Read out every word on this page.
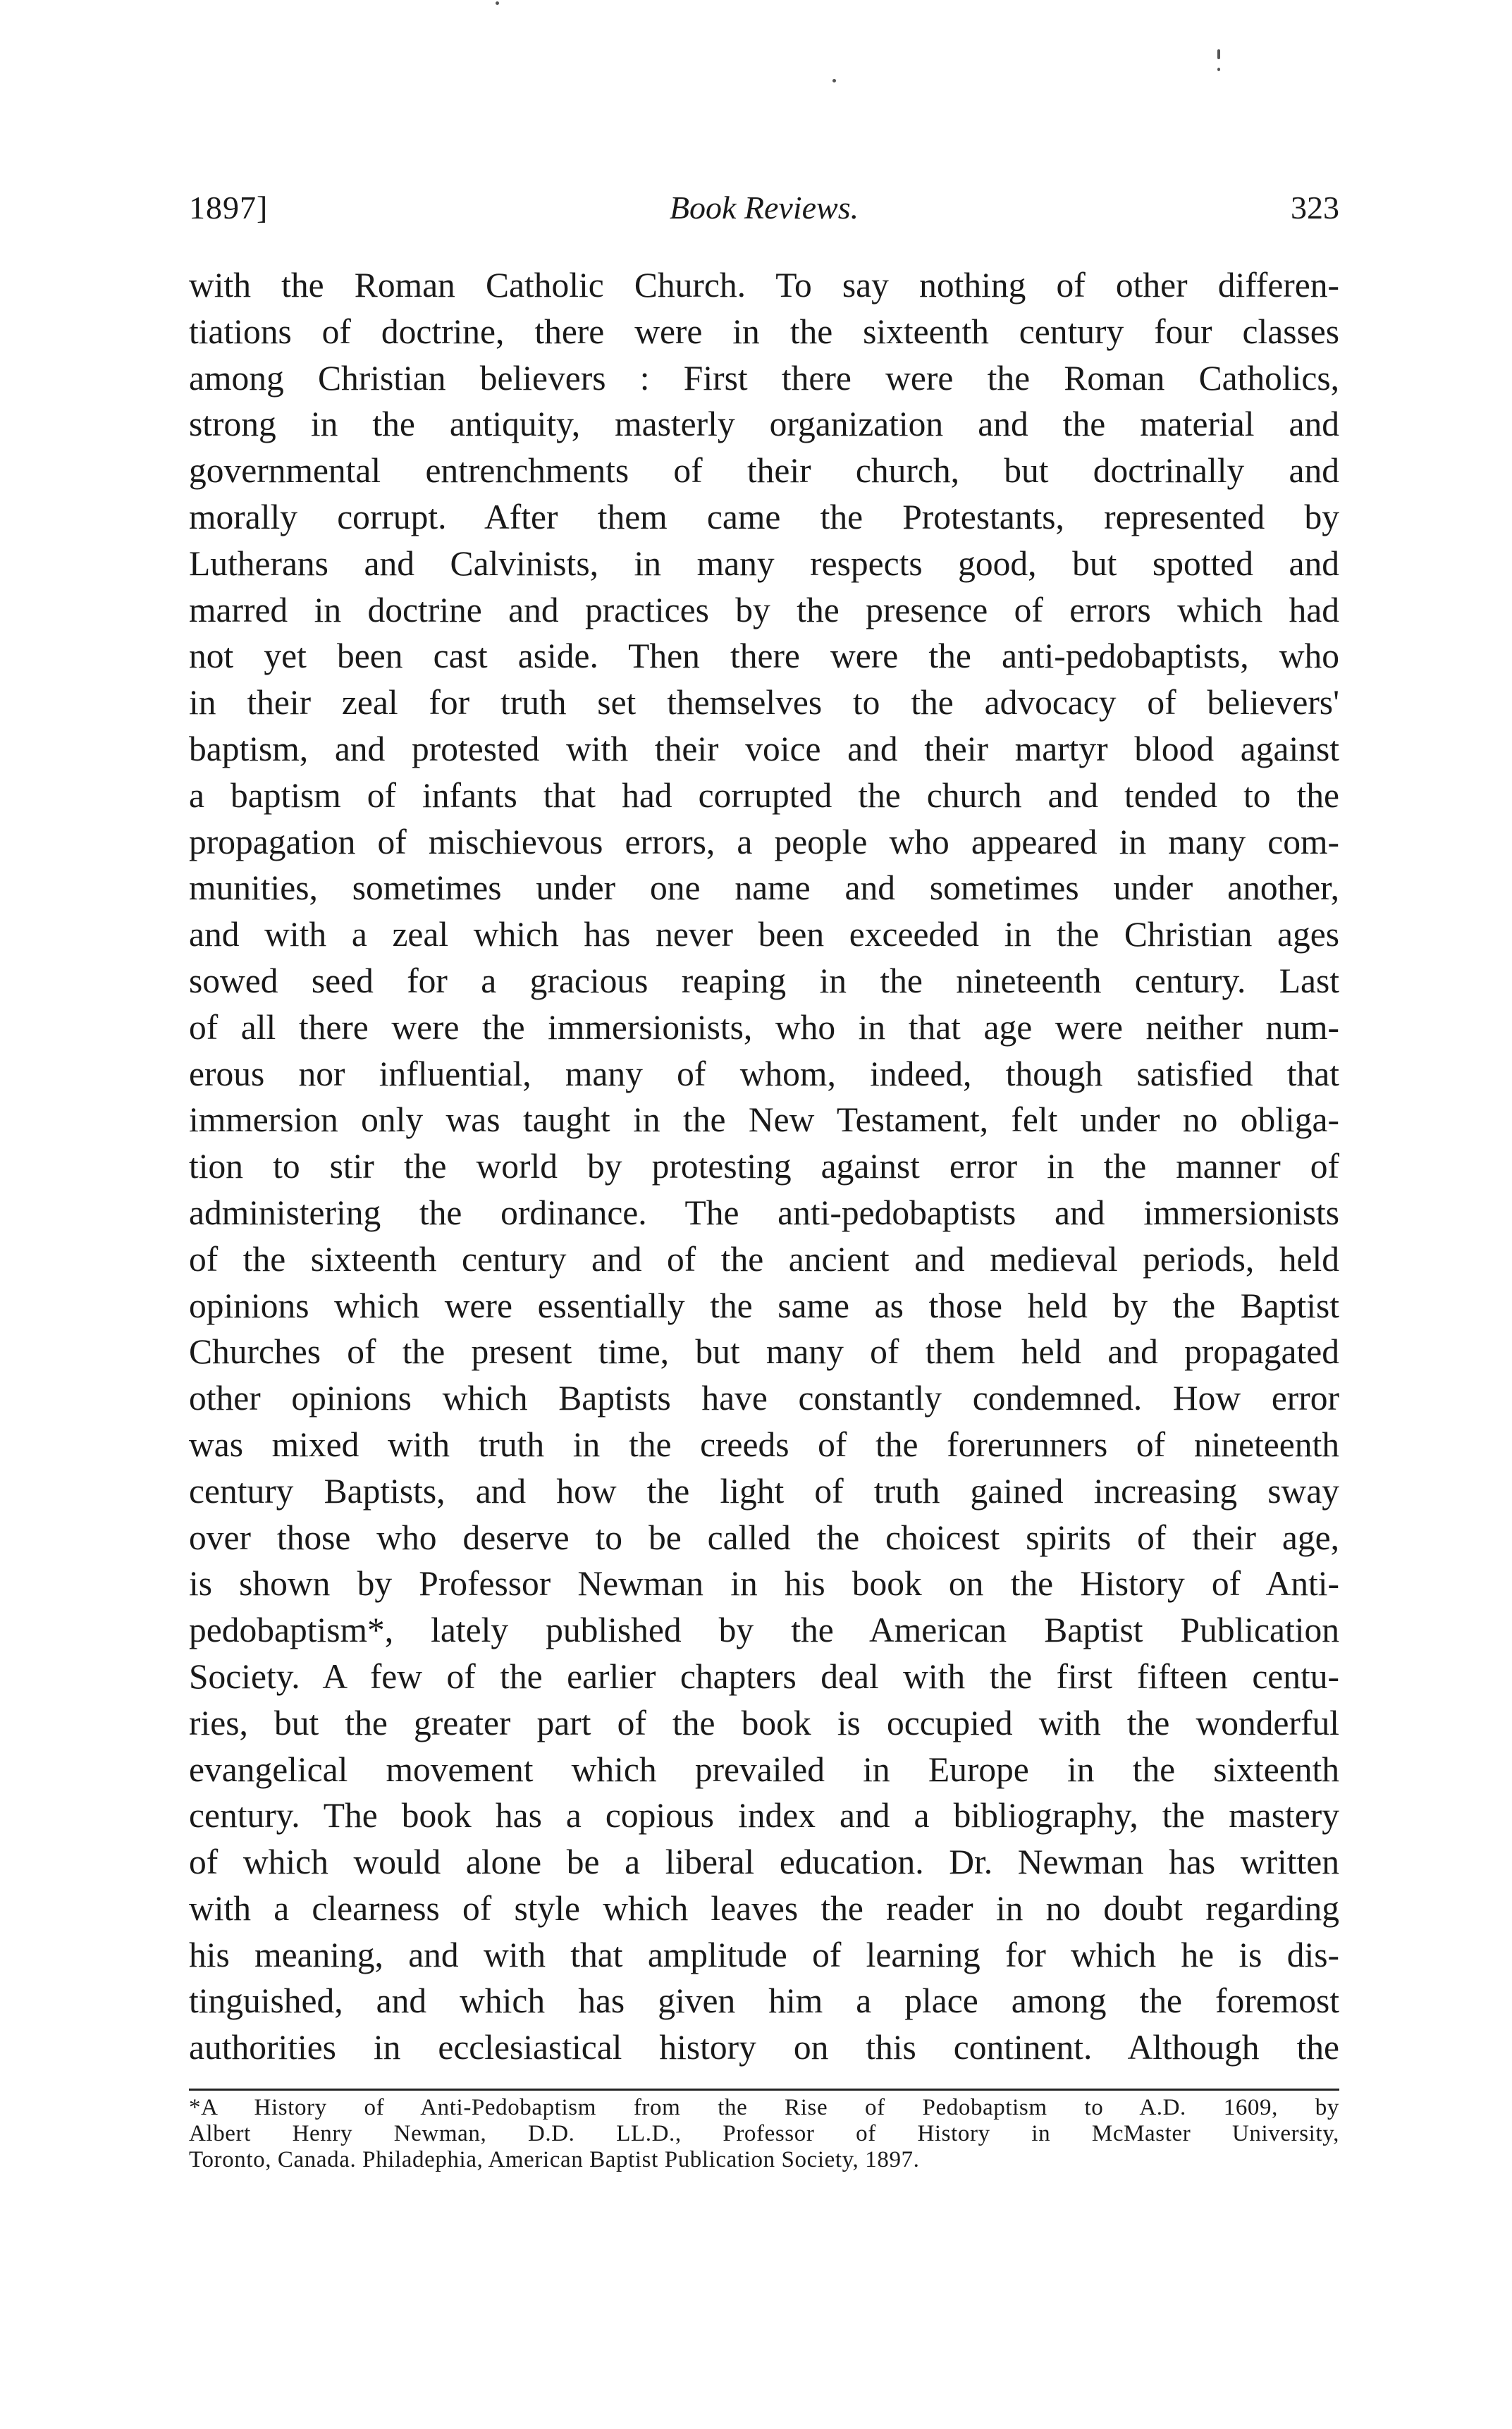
1897]	Book Reviews.	323
with the Roman Catholic Church. To say nothing of other differen-
tiations of doctrine, there were in the sixteenth century four classes
among Christian believers : First there were the Roman Catholics,
strong in the antiquity, masterly organization and the material and
governmental entrenchments of their church, but doctrinally and
morally corrupt. After them came the Protestants, represented by
Lutherans and Calvinists, in many respects good, but spotted and
marred in doctrine and practices by the presence of errors which had
not yet been cast aside. Then there were the anti-pedobaptists, who
in their zeal for truth set themselves to the advocacy of believers'
baptism, and protested with their voice and their martyr blood against
a baptism of infants that had corrupted the church and tended to the
propagation of mischievous errors, a people who appeared in many com-
munities, sometimes under one name and sometimes under another,
and with a zeal which has never been exceeded in the Christian ages
sowed seed for a gracious reaping in the nineteenth century. Last
of all there were the immersionists, who in that age were neither num-
erous nor influential, many of whom, indeed, though satisfied that
immersion only was taught in the New Testament, felt under no obliga-
tion to stir the world by protesting against error in the manner of
administering the ordinance. The anti-pedobaptists and immersionists
of the sixteenth century and of the ancient and medieval periods, held
opinions which were essentially the same as those held by the Baptist
Churches of the present time, but many of them held and propagated
other opinions which Baptists have constantly condemned. How error
was mixed with truth in the creeds of the forerunners of nineteenth
century Baptists, and how the light of truth gained increasing sway
over those who deserve to be called the choicest spirits of their age,
is shown by Professor Newman in his book on the History of Anti-
pedobaptism*, lately published by the American Baptist Publication
Society. A few of the earlier chapters deal with the first fifteen centu-
ries, but the greater part of the book is occupied with the wonderful
evangelical movement which prevailed in Europe in the sixteenth
century. The book has a copious index and a bibliography, the mastery
of which would alone be a liberal education. Dr. Newman has written
with a clearness of style which leaves the reader in no doubt regarding
his meaning, and with that amplitude of learning for which he is dis-
tinguished, and which has given him a place among the foremost
authorities in ecclesiastical history on this continent. Although the
*A History of Anti-Pedobaptism from the Rise of Pedobaptism to A.D. 1609, by
Albert Henry Newman, D.D. LL.D., Professor of History in McMaster University,
Toronto, Canada. Philadephia, American Baptist Publication Society, 1897.
